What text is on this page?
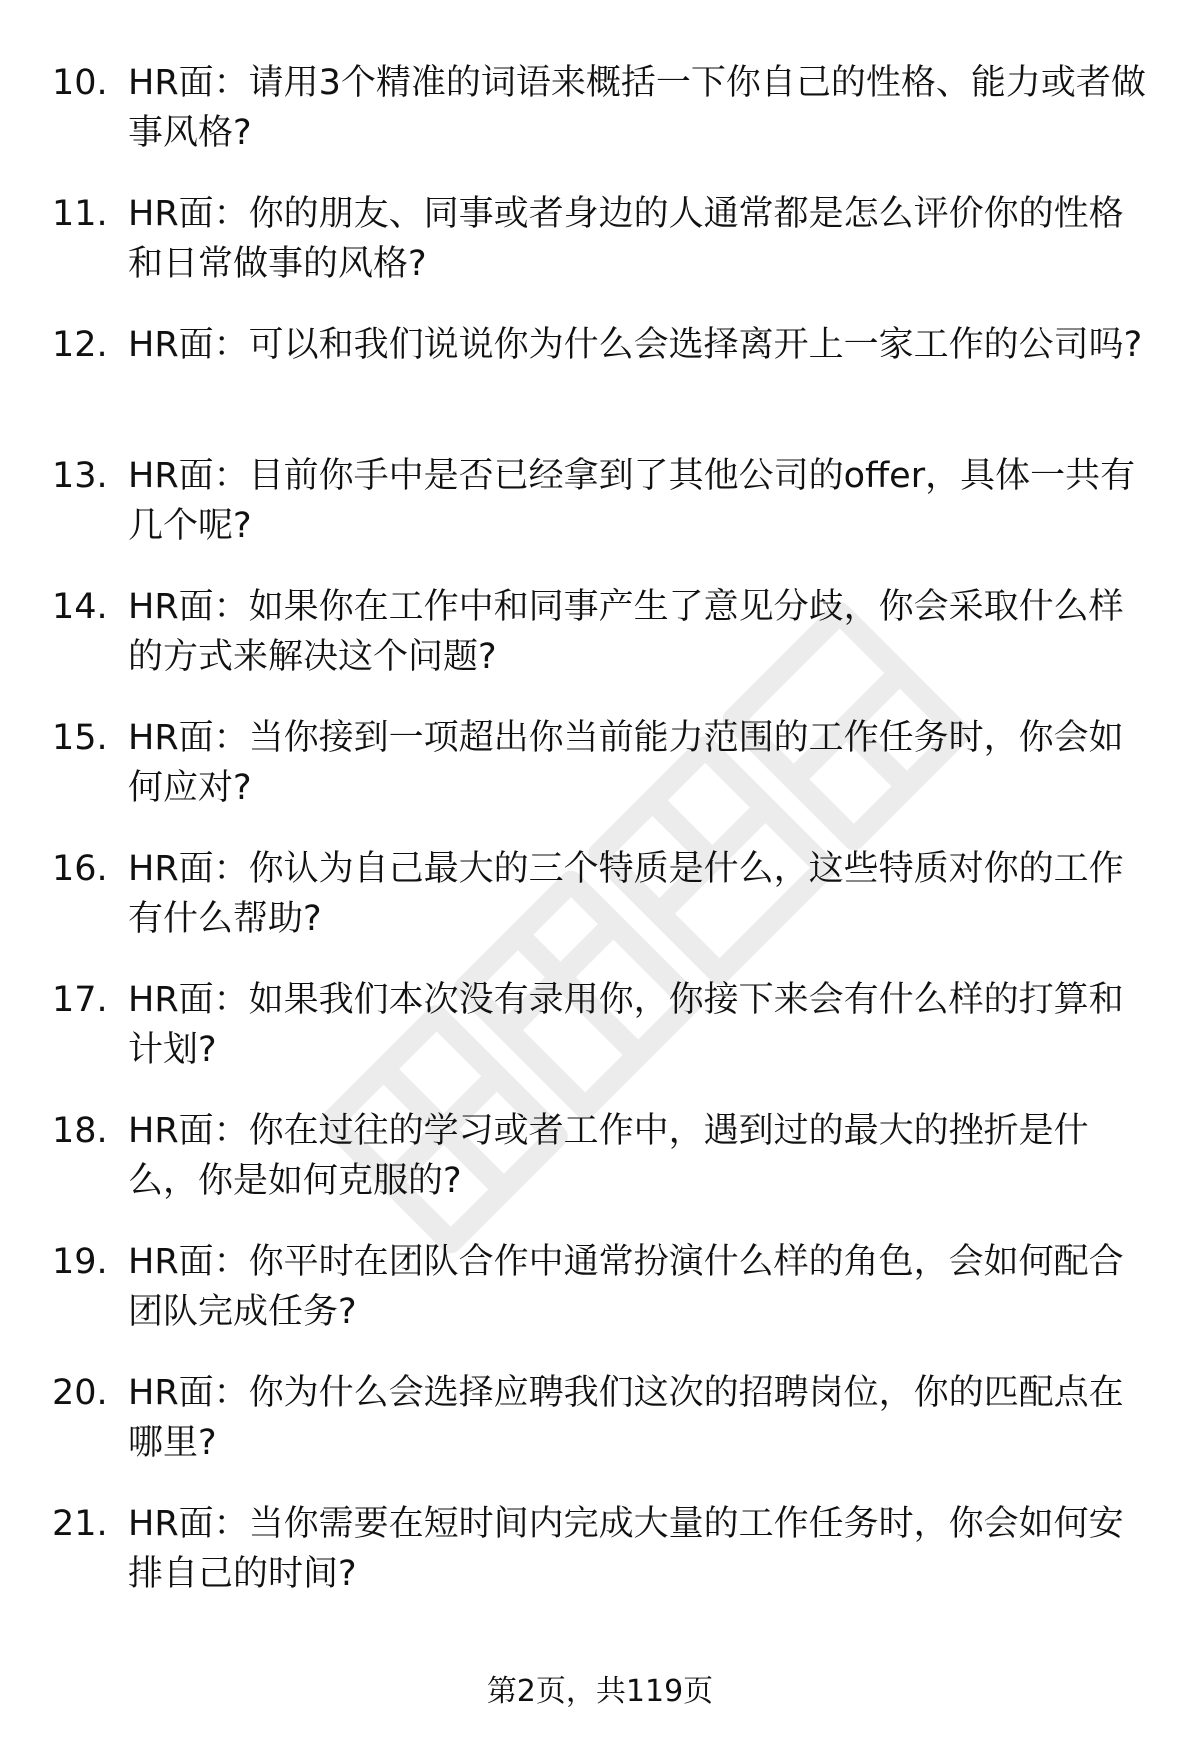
10. HR面：请用3个精准的词语来概括一下你自己的性格、能力或者做事风格?
11. HR面：你的朋友、同事或者身边的人通常都是怎么评价你的性格和日常做事的风格?
12. HR面：可以和我们说说你为什么会选择离开上一家工作的公司吗?
13. HR面：目前你手中是否已经拿到了其他公司的offer，具体一共有几个呢?
14. HR面：如果你在工作中和同事产生了意见分歧，你会采取什么样的方式来解决这个问题?
15. HR面：当你接到一项超出你当前能力范围的工作任务时，你会如何应对?
16. HR面：你认为自己最大的三个特质是什么，这些特质对你的工作有什么帮助?
17. HR面：如果我们本次没有录用你，你接下来会有什么样的打算和计划?
18. HR面：你在过往的学习或者工作中，遇到过的最大的挫折是什么，你是如何克服的?
19. HR面：你平时在团队合作中通常扮演什么样的角色，会如何配合团队完成任务?
20. HR面：你为什么会选择应聘我们这次的招聘岗位，你的匹配点在哪里?
21. HR面：当你需要在短时间内完成大量的工作任务时，你会如何安排自己的时间?
第2页，共119页
